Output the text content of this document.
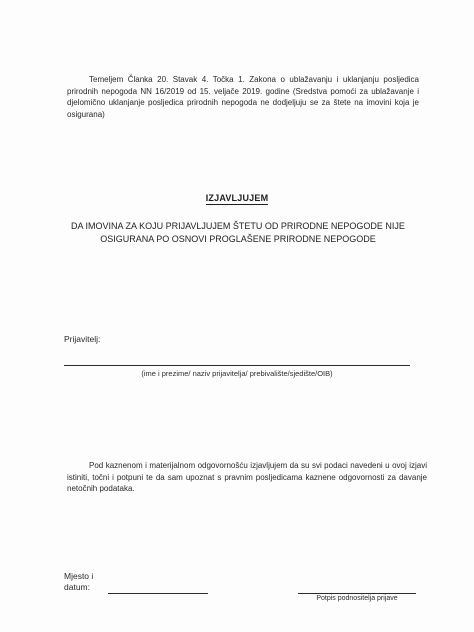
Temeljem Članka 20. Stavak 4. Točka 1. Zakona o ublažavanju i uklanjanju posljedica prirodnih nepogoda NN 16/2019 od 15. veljače 2019. godine (Sredstva pomoći za ublažavanje i djelomično uklanjanje posljedica prirodnih nepogoda ne dodjeljuju se za štete na imovini koja je osigurana)
IZJAVLJUJEM
DA IMOVINA ZA KOJU PRIJAVLJUJEM ŠTETU OD PRIRODNE NEPOGODE NIJE
OSIGURANA PO OSNOVI PROGLAŠENE PRIRODNE NEPOGODE
Prijavitelj:
(ime i prezime/ naziv prijavitelja/ prebivalište/sjedište/OIB)
Pod kaznenom i materijalnom odgovornošću izjavljujem da su svi podaci navedeni u ovoj izjavi istiniti, točni i potpuni te da sam upoznat s pravnim posljedicama kaznene odgovornosti za davanje netočnih podataka.
Mjesto i
datum:
Potpis podnositelja prijave
